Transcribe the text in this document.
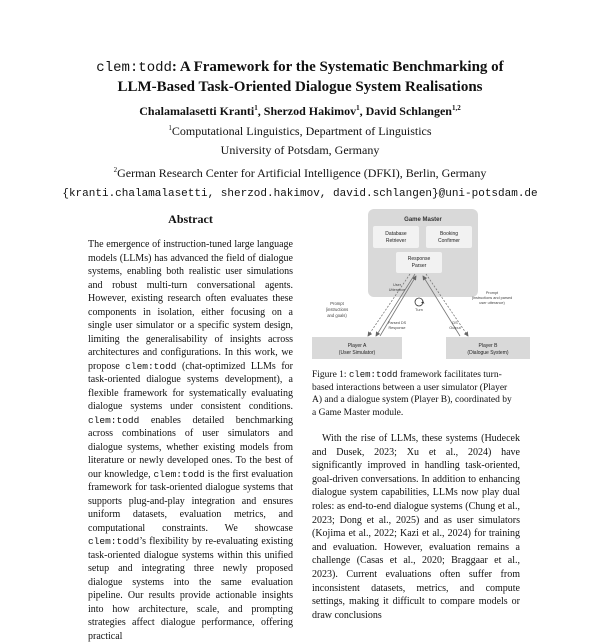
clem:todd: A Framework for the Systematic Benchmarking of
LLM-Based Task-Oriented Dialogue System Realisations
Chalamalasetti Kranti$^1$, Sherzod Hakimov$^1$, David Schlangen$^{1,2}$
$^1$Computational Linguistics, Department of Linguistics
University of Potsdam, Germany
$^2$German Research Center for Artificial Intelligence (DFKI), Berlin, Germany
{kranti.chalamalasetti, sherzod.hakimov, david.schlangen}@uni-potsdam.de
Abstract
The emergence of instruction-tuned large language models (LLMs) has advanced the field of dialogue systems, enabling both realistic user simulations and robust multi-turn conversational agents. However, existing research often evaluates these components in isolation, either focusing on a single user simulator or a specific system design, limiting the generalisability of insights across architectures and configurations. In this work, we propose clem:todd (chat-optimized LLMs for task-oriented dialogue systems development), a flexible framework for systematically evaluating dialogue systems under consistent conditions. clem:todd enables detailed benchmarking across combinations of user simulators and dialogue systems, whether existing models from literature or newly developed ones. To the best of our knowledge, clem:todd is the first evaluation framework for task-oriented dialogue systems that supports plug-and-play integration and ensures uniform datasets, evaluation metrics, and computational constraints. We showcase clem:todd’s flexibility by re-evaluating existing task-oriented dialogue systems within this unified setup and integrating three newly proposed dialogue systems into the same evaluation pipeline. Our results provide actionable insights into how architecture, scale, and prompting strategies affect dialogue performance, offering practical
Game Master
Database
Retriever
Booking
Confirmer
Response
Parser
User
Utterance
Turn
Prompt
(instructions
and goals)
Prompt
(instructions and parsed
user utterance)
Parsed DS
Response
DS
Output
Player A
(User Simulator)
Player B
(Dialogue System)
Figure 1: clem:todd framework facilitates turn-based interactions between a user simulator (Player A) and a dialogue system (Player B), coordinated by a Game Master module.
With the rise of LLMs, these systems (Hudecek and Dusek, 2023; Xu et al., 2024) have significantly improved in handling task-oriented, goal-driven conversations. In addition to enhancing dialogue system capabilities, LLMs now play dual roles: as end-to-end dialogue systems (Chung et al., 2023; Dong et al., 2025) and as user simulators (Kojima et al., 2022; Kazi et al., 2024) for training and evaluation. However, evaluation remains a challenge (Casas et al., 2020; Braggaar et al., 2023). Current evaluations often suffer from inconsistent datasets, metrics, and compute settings, making it difficult to compare models or draw conclusions
